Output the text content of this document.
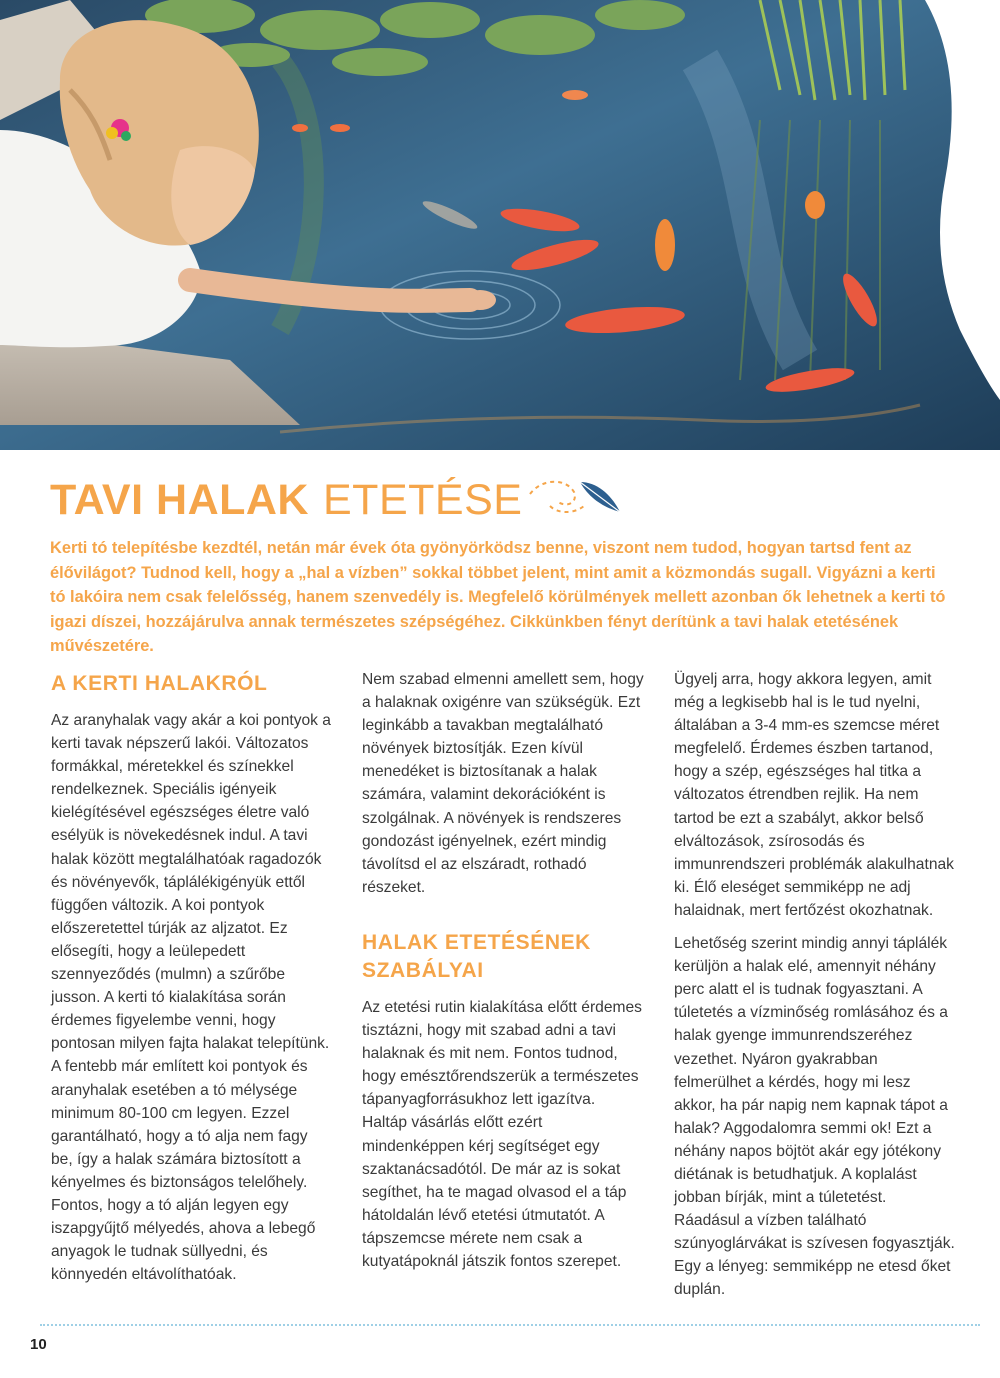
TAVI HALAK ETETÉSE

Kerti tó telepítésbe kezdtél, netán már évek óta gyönyörködsz benne, viszont nem tudod, hogyan tartsd fent az élővilágot? Tudnod kell, hogy a „hal a vízben” sokkal többet jelent, mint amit a közmondás sugall. Vigyázni a kerti tó lakóira nem csak felelősség, hanem szenvedély is. Megfelelő körülmények mellett azonban ők lehetnek a kerti tó igazi díszei, hozzájárulva annak természetes szépségéhez. Cikkünkben fényt derítünk a tavi halak etetésének művészetére.

A KERTI HALAKRÓL

Az aranyhalak vagy akár a koi pontyok a kerti tavak népszerű lakói. Változatos formákkal, méretekkel és színekkel rendelkeznek. Speciális igényeik kielégítésével egészséges életre való esélyük is növekedésnek indul. A tavi halak között megtalálhatóak ragadozók és növényevők, táplálékigényük ettől függően változik. A koi pontyok előszeretettel túrják az aljzatot. Ez elősegíti, hogy a leülepedett szennyeződés (mulmn) a szűrőbe jusson. A kerti tó kialakítása során érdemes figyelembe venni, hogy pontosan milyen fajta halakat telepítünk. A fentebb már említett koi pontyok és aranyhalak esetében a tó mélysége minimum 80-100 cm legyen. Ezzel garantálható, hogy a tó alja nem fagy be, így a halak számára biztosított a kényelmes és biztonságos telelőhely. Fontos, hogy a tó alján legyen egy iszapgyűjtő mélyedés, ahova a lebegő anyagok le tudnak süllyedni, és könnyedén eltávolíthatóak.

Nem szabad elmenni amellett sem, hogy a halaknak oxigénre van szükségük. Ezt leginkább a tavakban megtalálható növények biztosítják. Ezen kívül menedéket is biztosítanak a halak számára, valamint dekorációként is szolgálnak. A növények is rendszeres gondozást igényelnek, ezért mindig távolítsd el az elszáradt, rothadó részeket.

HALAK ETETÉSÉNEK SZABÁLYAI

Az etetési rutin kialakítása előtt érdemes tisztázni, hogy mit szabad adni a tavi halaknak és mit nem. Fontos tudnod, hogy emésztőrendszerük a természetes tápanyagforrásukhoz lett igazítva. Haltáp vásárlás előtt ezért mindenképpen kérj segítséget egy szaktanácsadótól. De már az is sokat segíthet, ha te magad olvasod el a táp hátoldalán lévő etetési útmutatót. A tápszemcse mérete nem csak a kutyatápoknál játszik fontos szerepet.

Ügyelj arra, hogy akkora legyen, amit még a legkisebb hal is le tud nyelni, általában a 3-4 mm-es szemcse méret megfelelő. Érdemes észben tartanod, hogy a szép, egészséges hal titka a változatos étrendben rejlik. Ha nem tartod be ezt a szabályt, akkor belső elváltozások, zsírosodás és immunrendszeri problémák alakulhatnak ki. Élő eleséget semmiképp ne adj halaidnak, mert fertőzést okozhatnak.

Lehetőség szerint mindig annyi táplálék kerüljön a halak elé, amennyit néhány perc alatt el is tudnak fogyasztani. A túletetés a vízminőség romlásához és a halak gyenge immunrendszeréhez vezethet. Nyáron gyakrabban felmerülhet a kérdés, hogy mi lesz akkor, ha pár napig nem kapnak tápot a halak? Aggodalomra semmi ok! Ezt a néhány napos böjtöt akár egy jótékony diétának is betudhatjuk. A koplalást jobban bírják, mint a túletetést. Ráadásul a vízben található szúnyoglárvákat is szívesen fogyasztják. Egy a lényeg: semmiképp ne etesd őket duplán.

10
